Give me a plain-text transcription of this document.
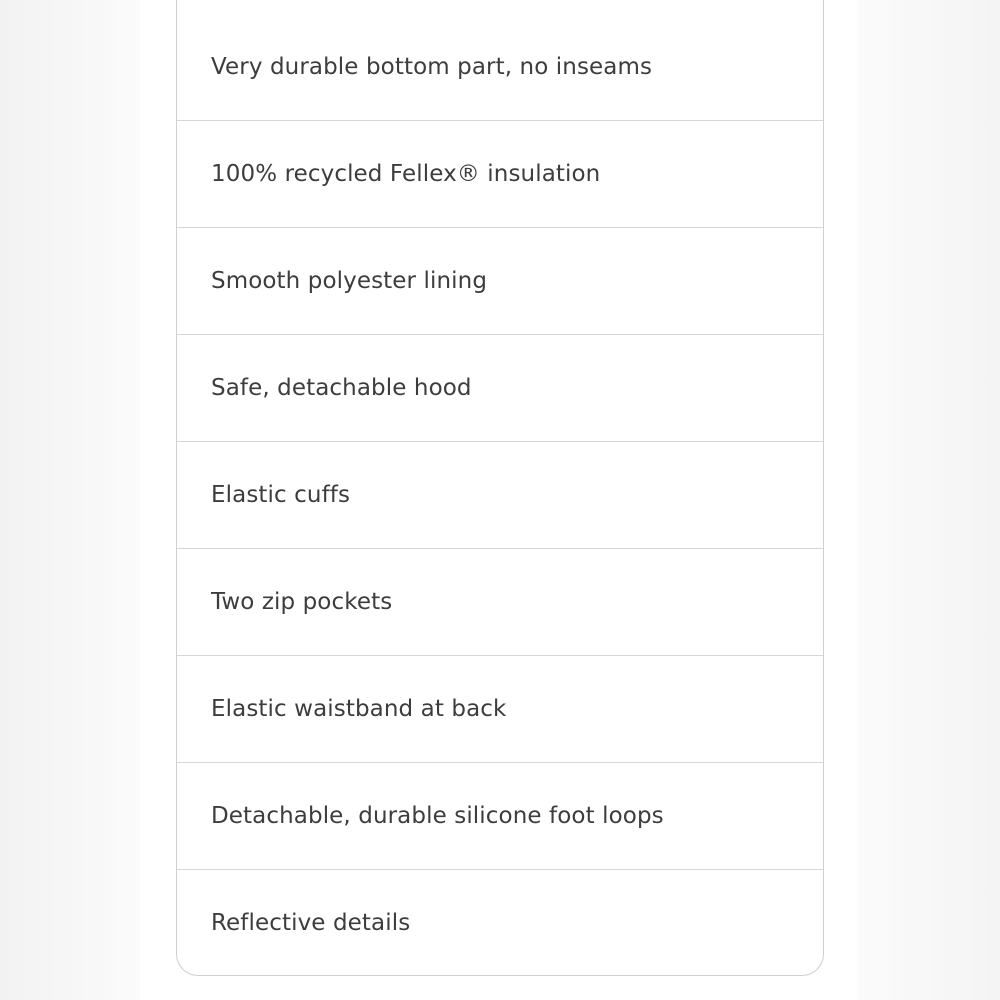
Very durable bottom part, no inseams
100% recycled Fellex® insulation
Smooth polyester lining
Safe, detachable hood
Elastic cuffs
Two zip pockets
Elastic waistband at back
Detachable, durable silicone foot loops
Reflective details
